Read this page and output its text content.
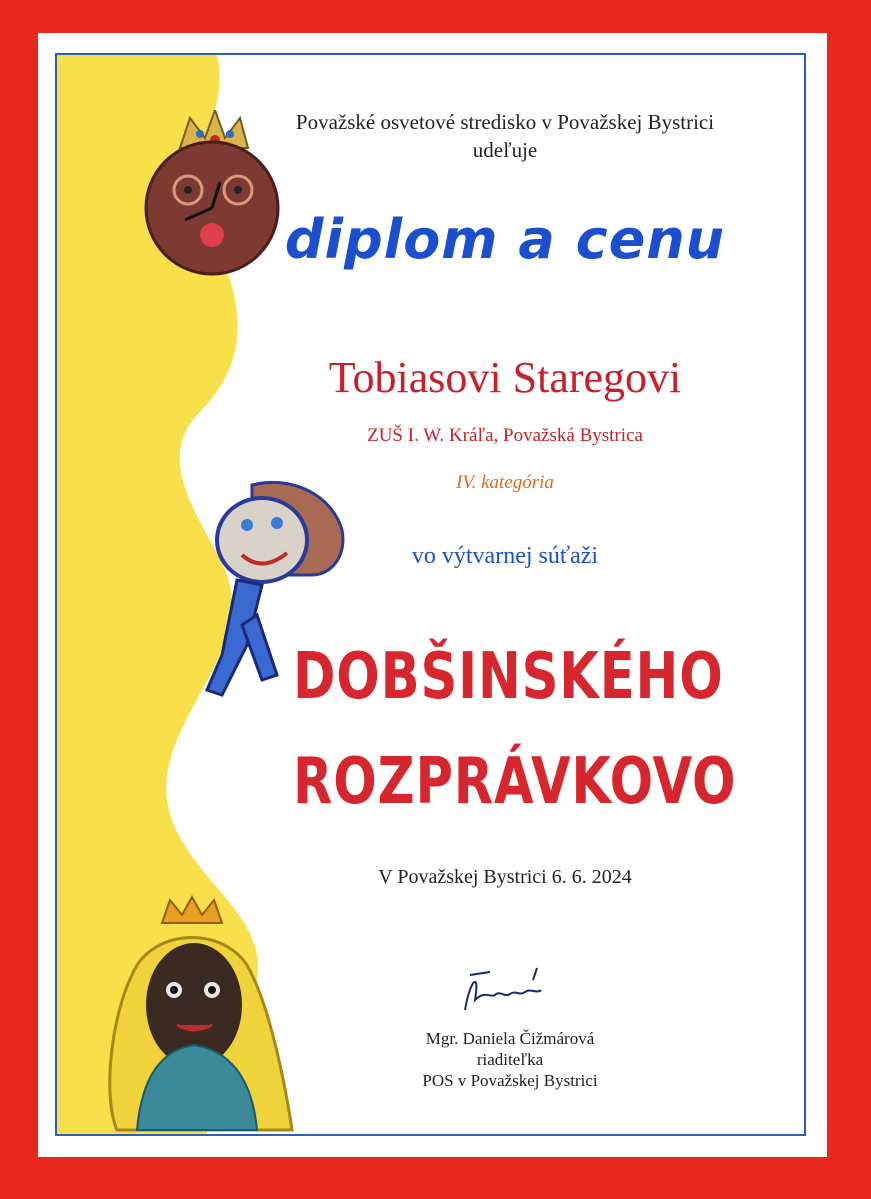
Považské osvetové stredisko v Považskej Bystrici
udeľuje
diplom a cenu
Tobiasovi Staregovi
ZUŠ I. W. Kráľa, Považská Bystrica
IV. kategória
vo výtvarnej súťaži
DOBŠINSKÉHO
ROZPRÁVKOVO
V Považskej Bystrici 6. 6. 2024
Mgr. Daniela Čižmárová
riaditeľka
POS v Považskej Bystrici
